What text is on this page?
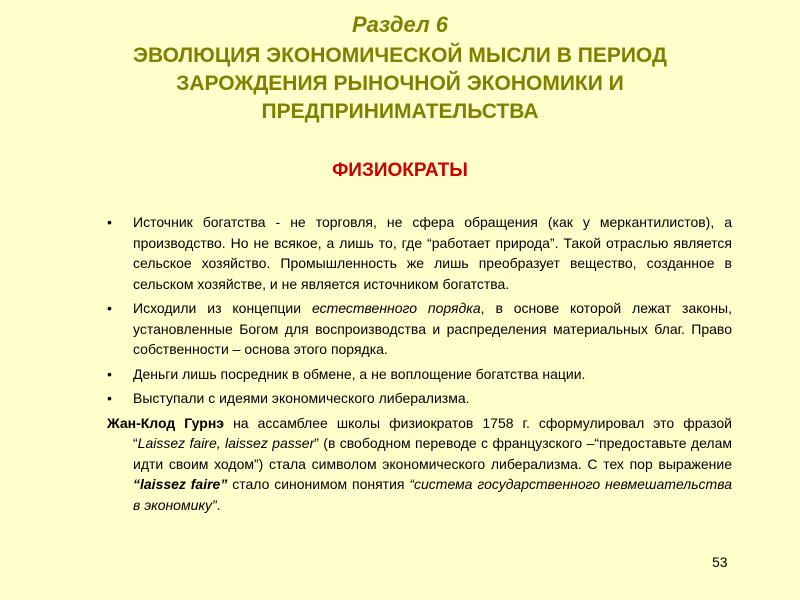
Раздел 6
ЭВОЛЮЦИЯ ЭКОНОМИЧЕСКОЙ МЫСЛИ В ПЕРИОД
ЗАРОЖДЕНИЯ РЫНОЧНОЙ ЭКОНОМИКИ И
ПРЕДПРИНИМАТЕЛЬСТВА
ФИЗИОКРАТЫ
•	Источник богатства - не торговля, не сфера обращения (как у меркантилистов), а производство. Но не всякое, а лишь то, где “работает природа”. Такой отраслью является сельское хозяйство. Промышленность же лишь преобразует вещество, созданное в сельском хозяйстве, и не является источником богатства.
•	Исходили из концепции естественного порядка, в основе которой лежат законы, установленные Богом для воспроизводства и распределения материальных благ. Право собственности – основа этого порядка.
•	Деньги лишь посредник в обмене, а не воплощение богатства нации.
•	Выступали с идеями экономического либерализма.
Жан-Клод Гурнэ на ассамблее школы физиократов 1758 г. сформулировал это фразой “Laissez faire, laissez passer” (в свободном переводе с французского –“предоставьте делам идти своим ходом”) стала символом экономического либерализма. С тех пор выражение “laissez faire” стало синонимом понятия “система государственного невмешательства в экономику”.
53
